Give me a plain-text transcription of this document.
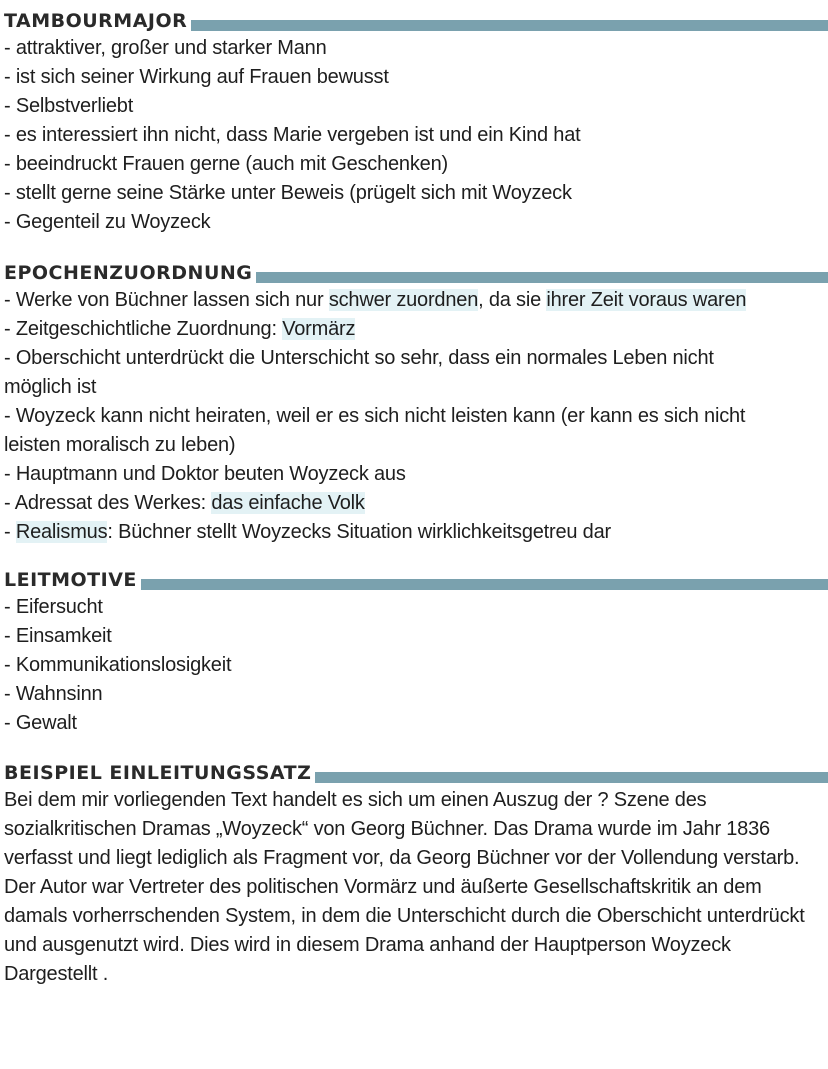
TAMBOURMAJOR
- attraktiver, großer und starker Mann
- ist sich seiner Wirkung auf Frauen bewusst
- Selbstverliebt
- es interessiert ihn nicht, dass Marie vergeben ist und ein Kind hat
- beeindruckt Frauen gerne (auch mit Geschenken)
- stellt gerne seine Stärke unter Beweis (prügelt sich mit Woyzeck
- Gegenteil zu Woyzeck
EPOCHENZUORDNUNG
- Werke von Büchner lassen sich nur schwer zuordnen, da sie ihrer Zeit voraus waren
- Zeitgeschichtliche Zuordnung: Vormärz
- Oberschicht unterdrückt die Unterschicht so sehr, dass ein normales Leben nicht
möglich ist
- Woyzeck kann nicht heiraten, weil er es sich nicht leisten kann (er kann es sich nicht
leisten moralisch zu leben)
- Hauptmann und Doktor beuten Woyzeck aus
- Adressat des Werkes: das einfache Volk
- Realismus: Büchner stellt Woyzecks Situation wirklichkeitsgetreu dar
LEITMOTIVE
- Eifersucht
- Einsamkeit
- Kommunikationslosigkeit
- Wahnsinn
- Gewalt
BEISPIEL EINLEITUNGSSATZ

Bei dem mir vorliegenden Text handelt es sich um einen Auszug der ? Szene des sozialkritischen Dramas „Woyzeck“ von Georg Büchner. Das Drama wurde im Jahr 1836 verfasst und liegt lediglich als Fragment vor, da Georg Büchner vor der Vollendung verstarb. Der Autor war Vertreter des politischen Vormärz und äußerte Gesellschaftskritik an dem damals vorherrschenden System, in dem die Unterschicht durch die Oberschicht unterdrückt und ausgenutzt wird. Dies wird in diesem Drama anhand der Hauptperson Woyzeck Dargestellt .
